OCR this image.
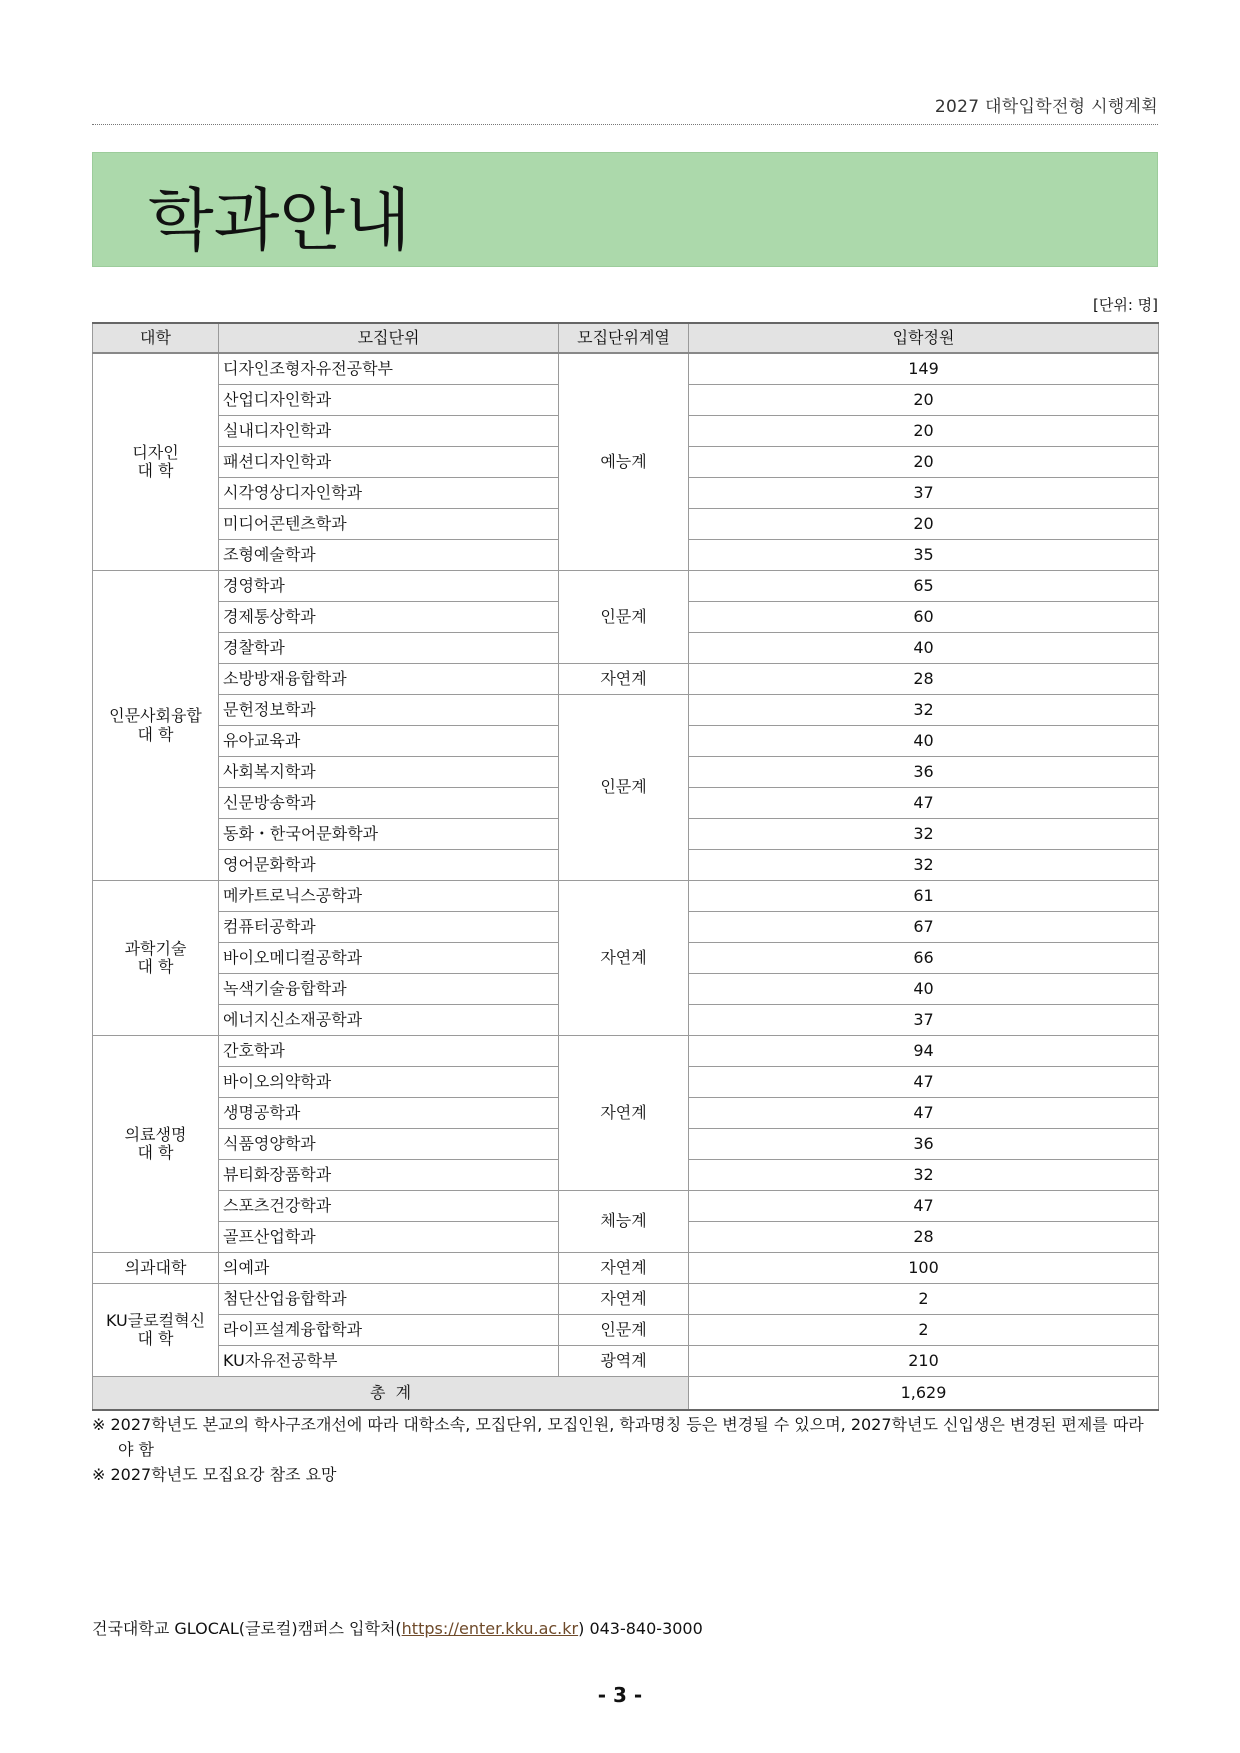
2027 대학입학전형 시행계획
학과안내
[단위: 명]
대학	모집단위	모집단위계열	입학정원

디자인
대 학	디자인조형자유전공학부	예능계	149
	산업디자인학과		20
	실내디자인학과		20
	패션디자인학과		20
	시각영상디자인학과		37
	미디어콘텐츠학과		20
	조형예술학과		35

인문사회융합
대 학	경영학과	인문계	65
	경제통상학과		60
	경찰학과		40
	소방방재융합학과	자연계	28
	문헌정보학과	인문계	32
	유아교육과		40
	사회복지학과		36
	신문방송학과		47
	동화・한국어문화학과		32
	영어문화학과		32

과학기술
대 학	메카트로닉스공학과	자연계	61
	컴퓨터공학과		67
	바이오메디컬공학과		66
	녹색기술융합학과		40
	에너지신소재공학과		37

의료생명
대 학	간호학과	자연계	94
	바이오의약학과		47
	생명공학과		47
	식품영양학과		36
	뷰티화장품학과		32
	스포츠건강학과	체능계	47
	골프산업학과		28

의과대학	의예과	자연계	100

KU글로컬혁신
대 학	첨단산업융합학과	자연계	2
	라이프설계융합학과	인문계	2
	KU자유전공학부	광역계	210
총  계			1,629
※ 2027학년도 본교의 학사구조개선에 따라 대학소속, 모집단위, 모집인원, 학과명칭 등은 변경될 수 있으며, 2027학년도 신입생은 변경된 편제를 따라야 함
※ 2027학년도 모집요강 참조 요망
건국대학교 GLOCAL(글로컬)캠퍼스 입학처(https://enter.kku.ac.kr) 043-840-3000
- 3 -
